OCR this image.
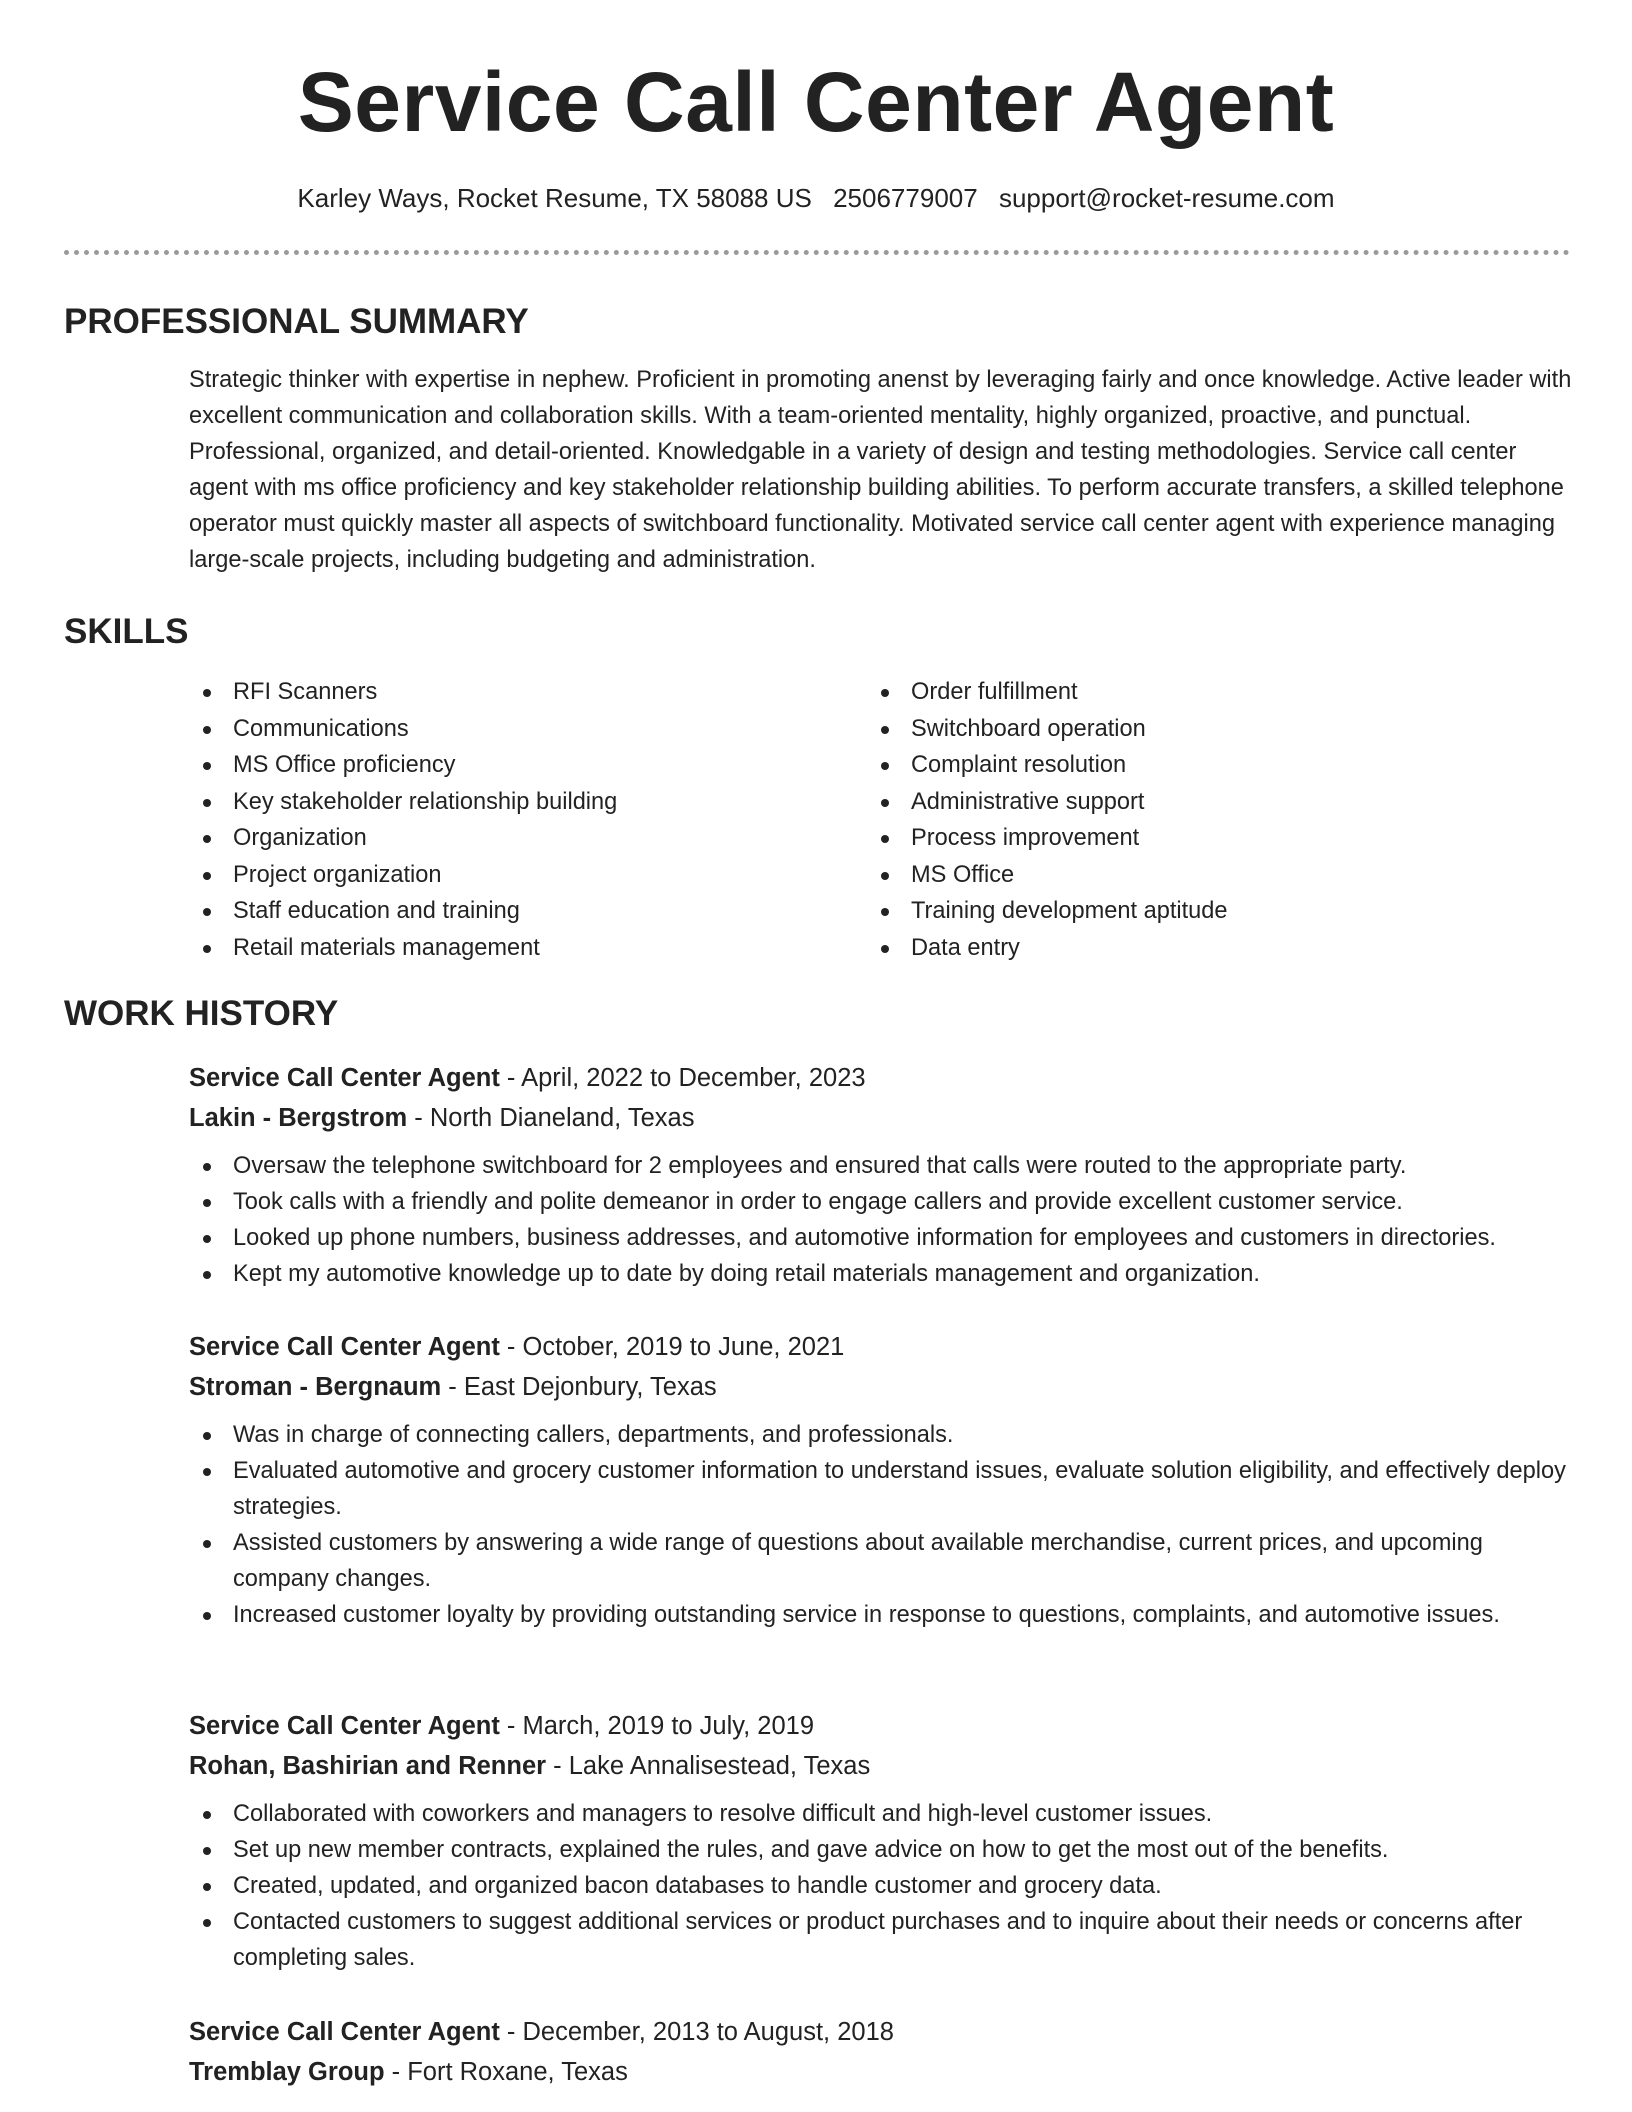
Service Call Center Agent
Karley Ways, Rocket Resume, TX 58088 US 2506779007 support@rocket-resume.com
PROFESSIONAL SUMMARY

Strategic thinker with expertise in nephew. Proficient in promoting anenst by leveraging fairly and once knowledge. Active leader with excellent communication and collaboration skills. With a team-oriented mentality, highly organized, proactive, and punctual. Professional, organized, and detail-oriented. Knowledgable in a variety of design and testing methodologies. Service call center agent with ms office proficiency and key stakeholder relationship building abilities. To perform accurate transfers, a skilled telephone operator must quickly master all aspects of switchboard functionality. Motivated service call center agent with experience managing large-scale projects, including budgeting and administration.

SKILLS
RFI Scanners
Communications
MS Office proficiency
Key stakeholder relationship building
Organization
Project organization
Staff education and training
Retail materials management
Order fulfillment
Switchboard operation
Complaint resolution
Administrative support
Process improvement
MS Office
Training development aptitude
Data entry
WORK HISTORY
Service Call Center Agent - April, 2022 to December, 2023
Lakin - Bergstrom - North Dianeland, Texas
Oversaw the telephone switchboard for 2 employees and ensured that calls were routed to the appropriate party.
Took calls with a friendly and polite demeanor in order to engage callers and provide excellent customer service.
Looked up phone numbers, business addresses, and automotive information for employees and customers in directories.
Kept my automotive knowledge up to date by doing retail materials management and organization.
Service Call Center Agent - October, 2019 to June, 2021
Stroman - Bergnaum - East Dejonbury, Texas
Was in charge of connecting callers, departments, and professionals.
Evaluated automotive and grocery customer information to understand issues, evaluate solution eligibility, and effectively deploy strategies.
Assisted customers by answering a wide range of questions about available merchandise, current prices, and upcoming company changes.
Increased customer loyalty by providing outstanding service in response to questions, complaints, and automotive issues.
Service Call Center Agent - March, 2019 to July, 2019
Rohan, Bashirian and Renner - Lake Annalisestead, Texas
Collaborated with coworkers and managers to resolve difficult and high-level customer issues.
Set up new member contracts, explained the rules, and gave advice on how to get the most out of the benefits.
Created, updated, and organized bacon databases to handle customer and grocery data.
Contacted customers to suggest additional services or product purchases and to inquire about their needs or concerns after completing sales.
Service Call Center Agent - December, 2013 to August, 2018
Tremblay Group - Fort Roxane, Texas
